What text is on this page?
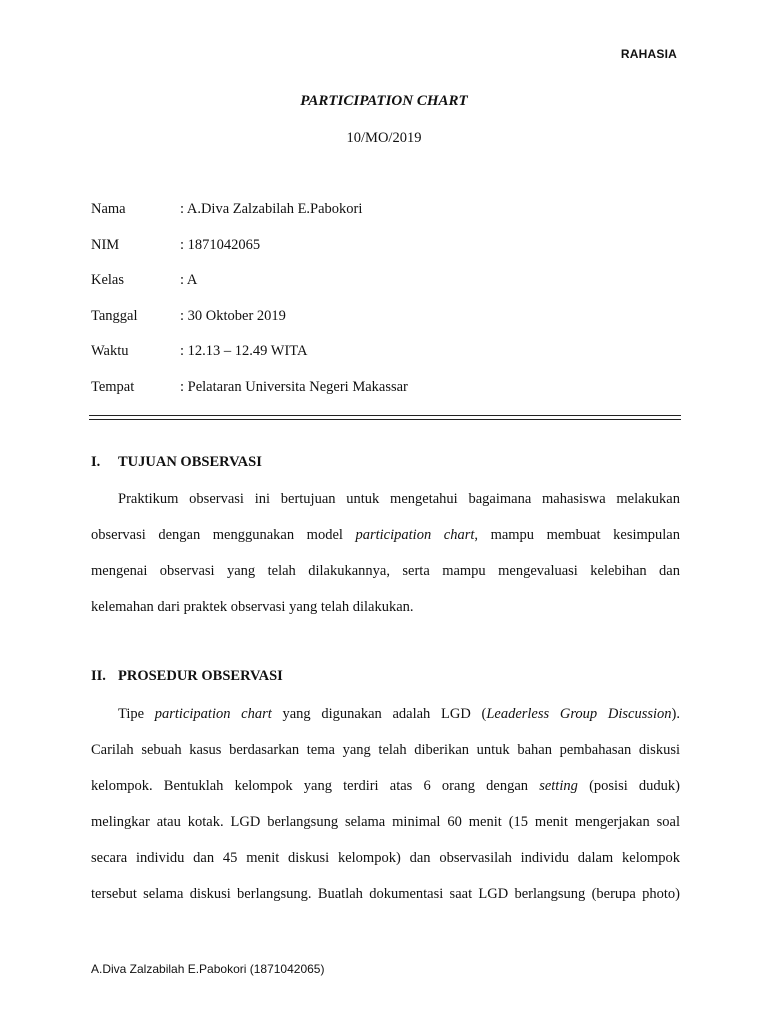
RAHASIA
PARTICIPATION CHART
10/MO/2019
Nama	: A.Diva Zalzabilah E.Pabokori
NIM	: 1871042065
Kelas	: A
Tanggal	: 30 Oktober 2019
Waktu	: 12.13 – 12.49 WITA
Tempat	: Pelataran Universita Negeri Makassar
I.	TUJUAN OBSERVASI
Praktikum observasi ini bertujuan untuk mengetahui bagaimana mahasiswa melakukan
observasi dengan menggunakan model participation chart, mampu membuat kesimpulan
mengenai observasi yang telah dilakukannya, serta mampu mengevaluasi kelebihan dan
kelemahan dari praktek observasi yang telah dilakukan.
II. PROSEDUR OBSERVASI
Tipe participation chart yang digunakan adalah LGD (Leaderless Group Discussion).
Carilah sebuah kasus berdasarkan tema yang telah diberikan untuk bahan pembahasan diskusi
kelompok. Bentuklah kelompok yang terdiri atas 6 orang dengan setting (posisi duduk)
melingkar atau kotak. LGD berlangsung selama minimal 60 menit (15 menit mengerjakan soal
secara individu dan 45 menit diskusi kelompok) dan observasilah individu dalam kelompok
tersebut selama diskusi berlangsung. Buatlah dokumentasi saat LGD berlangsung (berupa photo)
A.Diva Zalzabilah E.Pabokori (1871042065)
